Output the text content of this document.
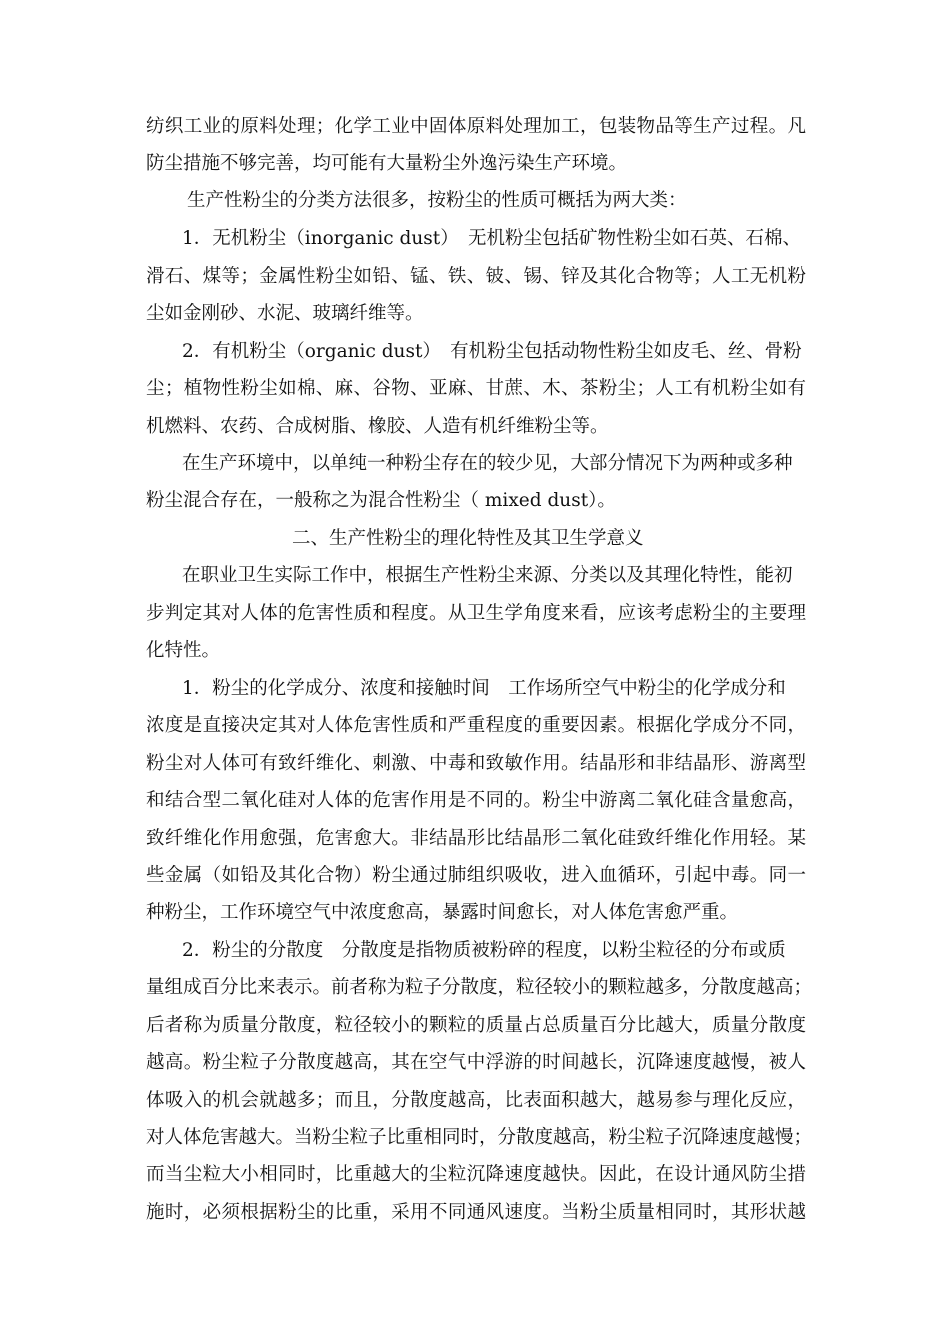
纺织工业的原料处理；化学工业中固体原料处理加工，包装物品等生产过程。凡
防尘措施不够完善，均可能有大量粉尘外逸污染生产环境。
生产性粉尘的分类方法很多，按粉尘的性质可概括为两大类：
1．无机粉尘（inorganic dust）　无机粉尘包括矿物性粉尘如石英、石棉、
滑石、煤等；金属性粉尘如铅、锰、铁、铍、锡、锌及其化合物等；人工无机粉
尘如金刚砂、水泥、玻璃纤维等。
2．有机粉尘（organic dust）　有机粉尘包括动物性粉尘如皮毛、丝、骨粉
尘；植物性粉尘如棉、麻、谷物、亚麻、甘蔗、木、茶粉尘；人工有机粉尘如有
机燃料、农药、合成树脂、橡胶、人造有机纤维粉尘等。
在生产环境中，以单纯一种粉尘存在的较少见，大部分情况下为两种或多种
粉尘混合存在，一般称之为混合性粉尘（ mixed dust）。
二、生产性粉尘的理化特性及其卫生学意义
在职业卫生实际工作中，根据生产性粉尘来源、分类以及其理化特性，能初
步判定其对人体的危害性质和程度。从卫生学角度来看，应该考虑粉尘的主要理
化特性。
1．粉尘的化学成分、浓度和接触时间　工作场所空气中粉尘的化学成分和
浓度是直接决定其对人体危害性质和严重程度的重要因素。根据化学成分不同，
粉尘对人体可有致纤维化、刺激、中毒和致敏作用。结晶形和非结晶形、游离型
和结合型二氧化硅对人体的危害作用是不同的。粉尘中游离二氧化硅含量愈高，
致纤维化作用愈强，危害愈大。非结晶形比结晶形二氧化硅致纤维化作用轻。某
些金属（如铅及其化合物）粉尘通过肺组织吸收，进入血循环，引起中毒。同一
种粉尘，工作环境空气中浓度愈高，暴露时间愈长，对人体危害愈严重。
2．粉尘的分散度　分散度是指物质被粉碎的程度，以粉尘粒径的分布或质
量组成百分比来表示。前者称为粒子分散度，粒径较小的颗粒越多，分散度越高；
后者称为质量分散度，粒径较小的颗粒的质量占总质量百分比越大，质量分散度
越高。粉尘粒子分散度越高，其在空气中浮游的时间越长，沉降速度越慢，被人
体吸入的机会就越多；而且，分散度越高，比表面积越大，越易参与理化反应，
对人体危害越大。当粉尘粒子比重相同时，分散度越高，粉尘粒子沉降速度越慢；
而当尘粒大小相同时，比重越大的尘粒沉降速度越快。因此，在设计通风防尘措
施时，必须根据粉尘的比重，采用不同通风速度。当粉尘质量相同时，其形状越
